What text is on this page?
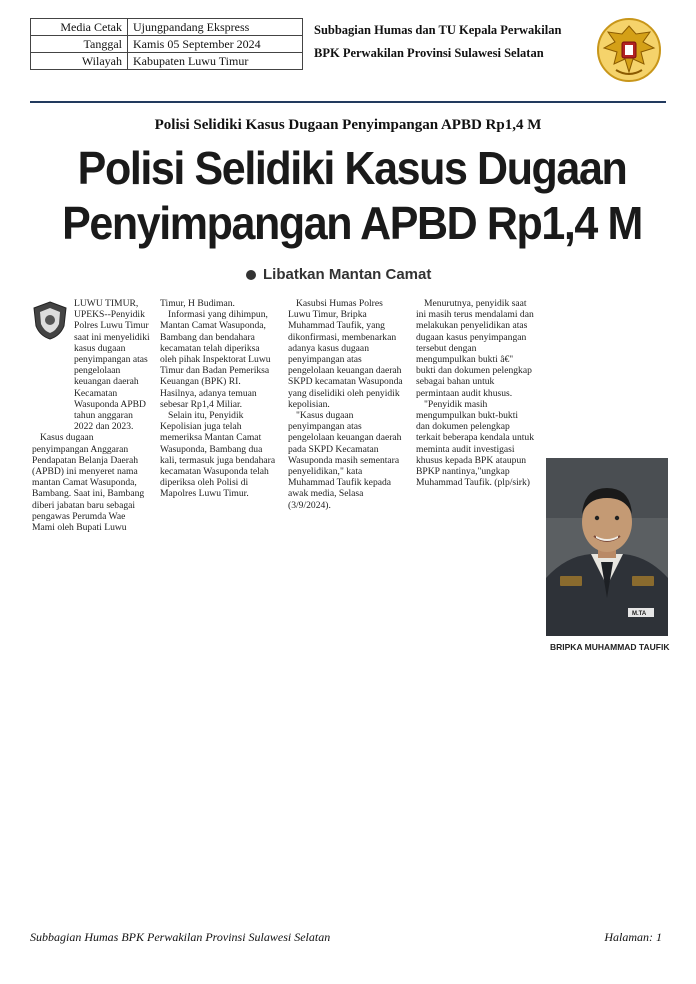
Media Cetak	Ujungpandang Ekspress
Tanggal	Kamis 05 September 2024
Wilayah	Kabupaten Luwu Timur
Subbagian Humas dan TU Kepala Perwakilan
BPK Perwakilan Provinsi Sulawesi Selatan
Polisi Selidiki Kasus Dugaan Penyimpangan APBD Rp1,4 M
Polisi Selidiki Kasus Dugaan
Penyimpangan APBD Rp1,4 M
Libatkan Mantan Camat

LUWU TIMUR, UPEKS--Penyidik Polres Luwu Timur saat ini menyelidiki kasus dugaan penyimpangan atas pengelolaan keuangan daerah Kecamatan Wasuponda APBD tahun anggaran 2022 dan 2023.

Kasus dugaan penyimpangan Anggaran Pendapatan Belanja Daerah (APBD) ini menyeret nama mantan Camat Wasuponda, Bambang. Saat ini, Bambang diberi jabatan baru sebagai pengawas Perumda Wae Mami oleh Bupati Luwu

Timur, H Budiman.

Informasi yang dihimpun, Mantan Camat Wasuponda, Bambang dan bendahara kecamatan telah diperiksa oleh pihak Inspektorat Luwu Timur dan Badan Pemeriksa Keuangan (BPK) RI. Hasilnya, adanya temuan sebesar Rp1,4 Miliar.

Selain itu, Penyidik Kepolisian juga telah memeriksa Mantan Camat Wasuponda, Bambang dua kali, termasuk juga bendahara kecamatan Wasuponda telah diperiksa oleh Polisi di Mapolres Luwu Timur.

Kasubsi Humas Polres Luwu Timur, Bripka Muhammad Taufik, yang dikonfirmasi, membenarkan adanya kasus dugaan penyimpangan atas pengelolaan keuangan daerah SKPD kecamatan Wasuponda yang diselidiki oleh penyidik kepolisian.

"Kasus dugaan penyimpangan atas pengelolaan keuangan daerah pada SKPD Kecamatan Wasuponda masih sementara penyelidikan," kata Muhammad Taufik kepada awak media, Selasa (3/9/2024).

Menurutnya, penyidik saat ini masih terus mendalami dan melakukan penyelidikan atas dugaan kasus penyimpangan tersebut dengan mengumpulkan bukti â€" bukti dan dokumen pelengkap sebagai bahan untuk permintaan audit khusus.

"Penyidik masih mengumpulkan bukt-bukti dan dokumen pelengkap terkait beberapa kendala untuk meminta audit investigasi khusus kepada BPK ataupun BPKP nantinya,"ungkap Muhammad Taufik. (plp/sirk)

M.TA
BRIPKA MUHAMMAD TAUFIK
Subbagian Humas BPK Perwakilan Provinsi Sulawesi Selatan	Halaman: 1
